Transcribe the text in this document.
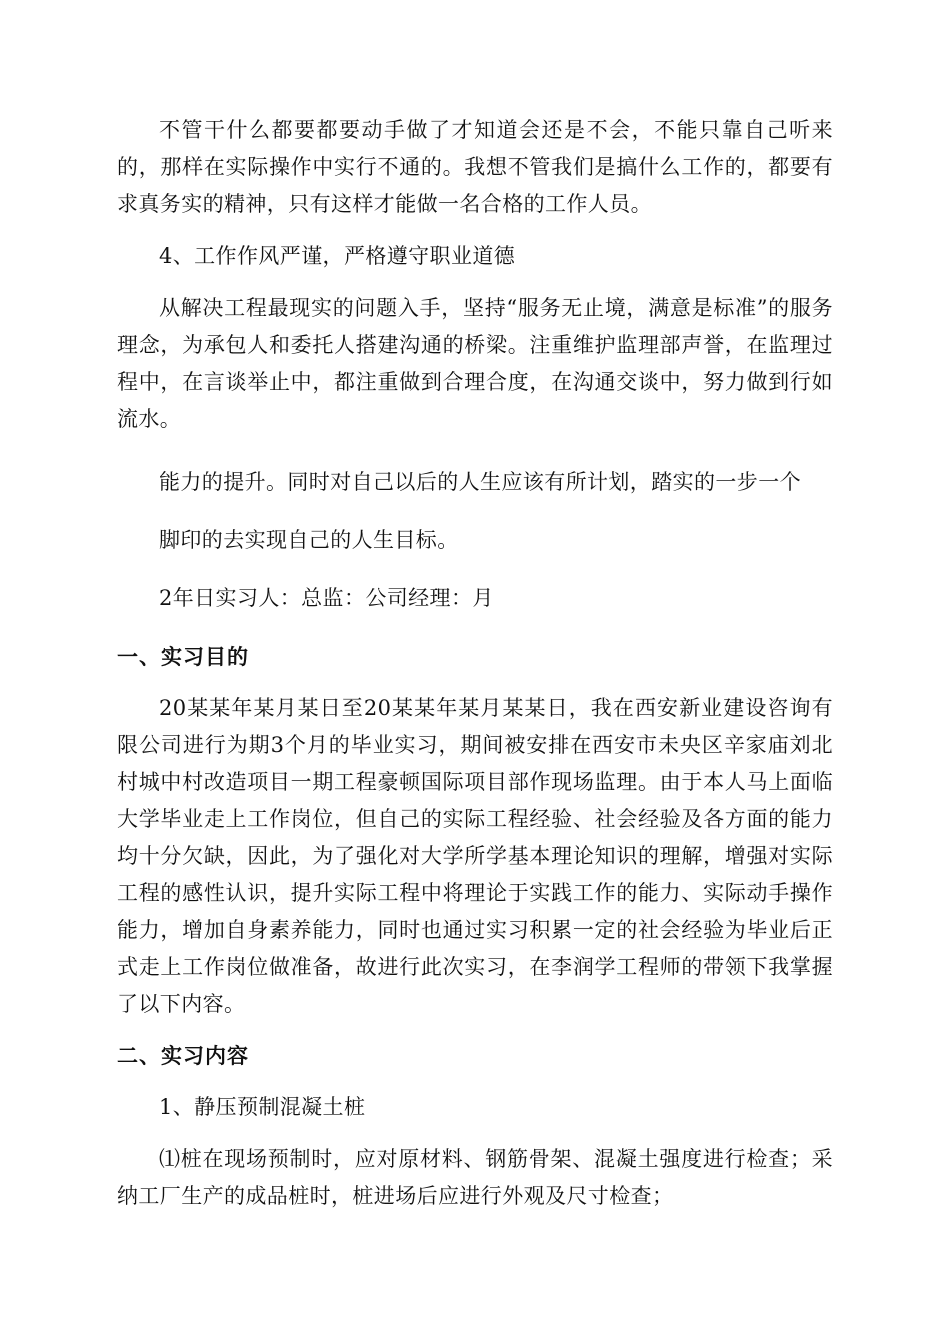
不管干什么都要都要动手做了才知道会还是不会，不能只靠自己听来的，那样在实际操作中实行不通的。我想不管我们是搞什么工作的，都要有求真务实的精神，只有这样才能做一名合格的工作人员。

4、工作作风严谨，严格遵守职业道德

从解决工程最现实的问题入手，坚持“服务无止境，满意是标准”的服务理念，为承包人和委托人搭建沟通的桥梁。注重维护监理部声誉，在监理过程中，在言谈举止中，都注重做到合理合度，在沟通交谈中，努力做到行如流水。

能力的提升。同时对自己以后的人生应该有所计划，踏实的一步一个

脚印的去实现自己的人生目标。

2年日实习人：总监：公司经理：月

一、实习目的

20某某年某月某日至20某某年某月某某日，我在西安新业建设咨询有限公司进行为期3个月的毕业实习，期间被安排在西安市未央区辛家庙刘北村城中村改造项目一期工程豪顿国际项目部作现场监理。由于本人马上面临大学毕业走上工作岗位，但自己的实际工程经验、社会经验及各方面的能力均十分欠缺，因此，为了强化对大学所学基本理论知识的理解，增强对实际工程的感性认识，提升实际工程中将理论于实践工作的能力、实际动手操作能力，增加自身素养能力，同时也通过实习积累一定的社会经验为毕业后正式走上工作岗位做准备，故进行此次实习，在李润学工程师的带领下我掌握了以下内容。

二、实习内容

1、静压预制混凝土桩

⑴桩在现场预制时，应对原材料、钢筋骨架、混凝土强度进行检查；采纳工厂生产的成品桩时，桩进场后应进行外观及尺寸检查；
